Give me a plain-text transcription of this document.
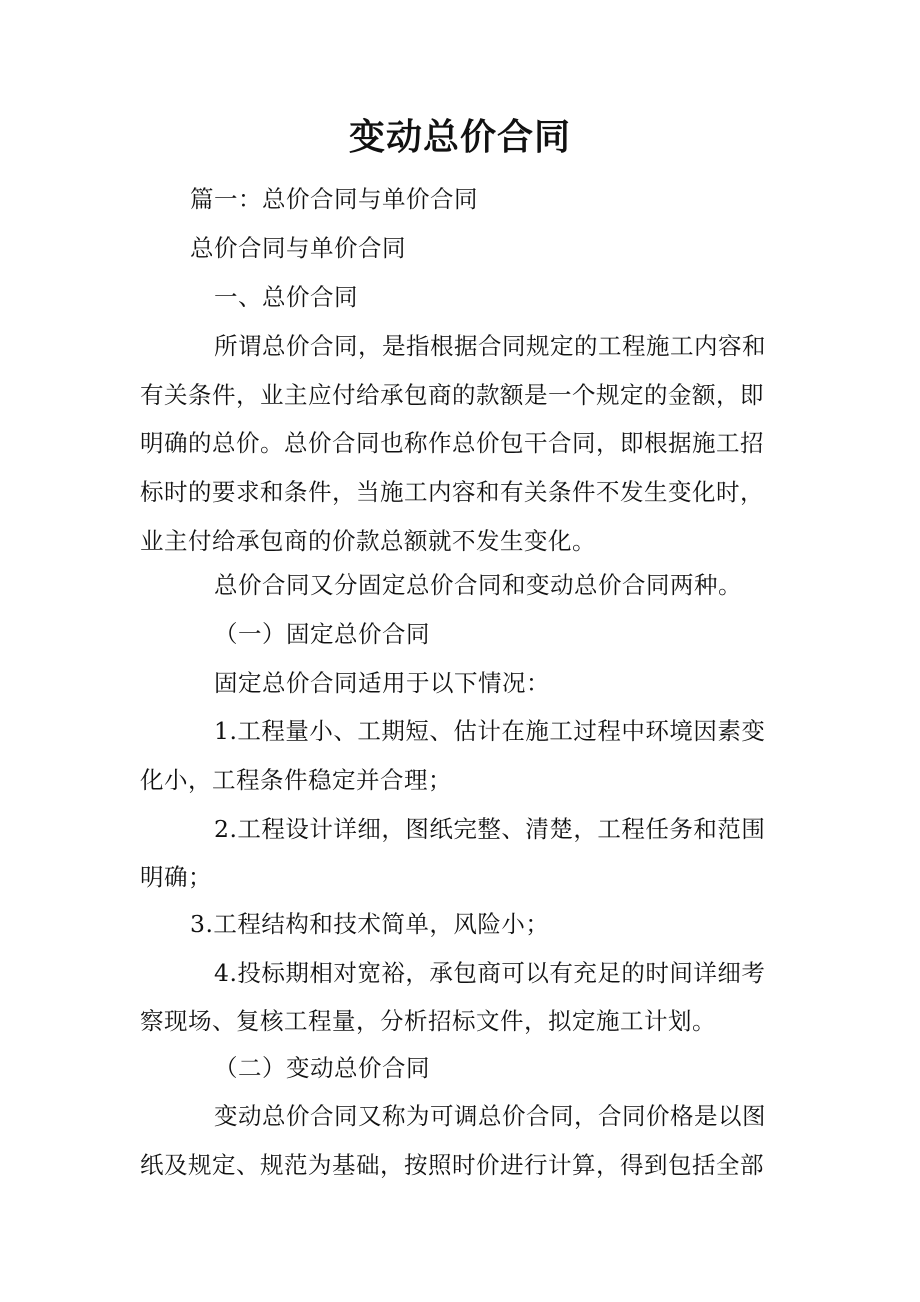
变动总价合同
篇一：总价合同与单价合同
总价合同与单价合同
一、总价合同
所谓总价合同，是指根据合同规定的工程施工内容和
有关条件，业主应付给承包商的款额是一个规定的金额，即
明确的总价。总价合同也称作总价包干合同，即根据施工招
标时的要求和条件，当施工内容和有关条件不发生变化时，
业主付给承包商的价款总额就不发生变化。
总价合同又分固定总价合同和变动总价合同两种。
（一）固定总价合同
固定总价合同适用于以下情况：
1.工程量小、工期短、估计在施工过程中环境因素变
化小，工程条件稳定并合理；
2.工程设计详细，图纸完整、清楚，工程任务和范围
明确；
3.工程结构和技术简单，风险小；
4.投标期相对宽裕，承包商可以有充足的时间详细考
察现场、复核工程量，分析招标文件，拟定施工计划。
（二）变动总价合同
变动总价合同又称为可调总价合同，合同价格是以图
纸及规定、规范为基础，按照时价进行计算，得到包括全部
